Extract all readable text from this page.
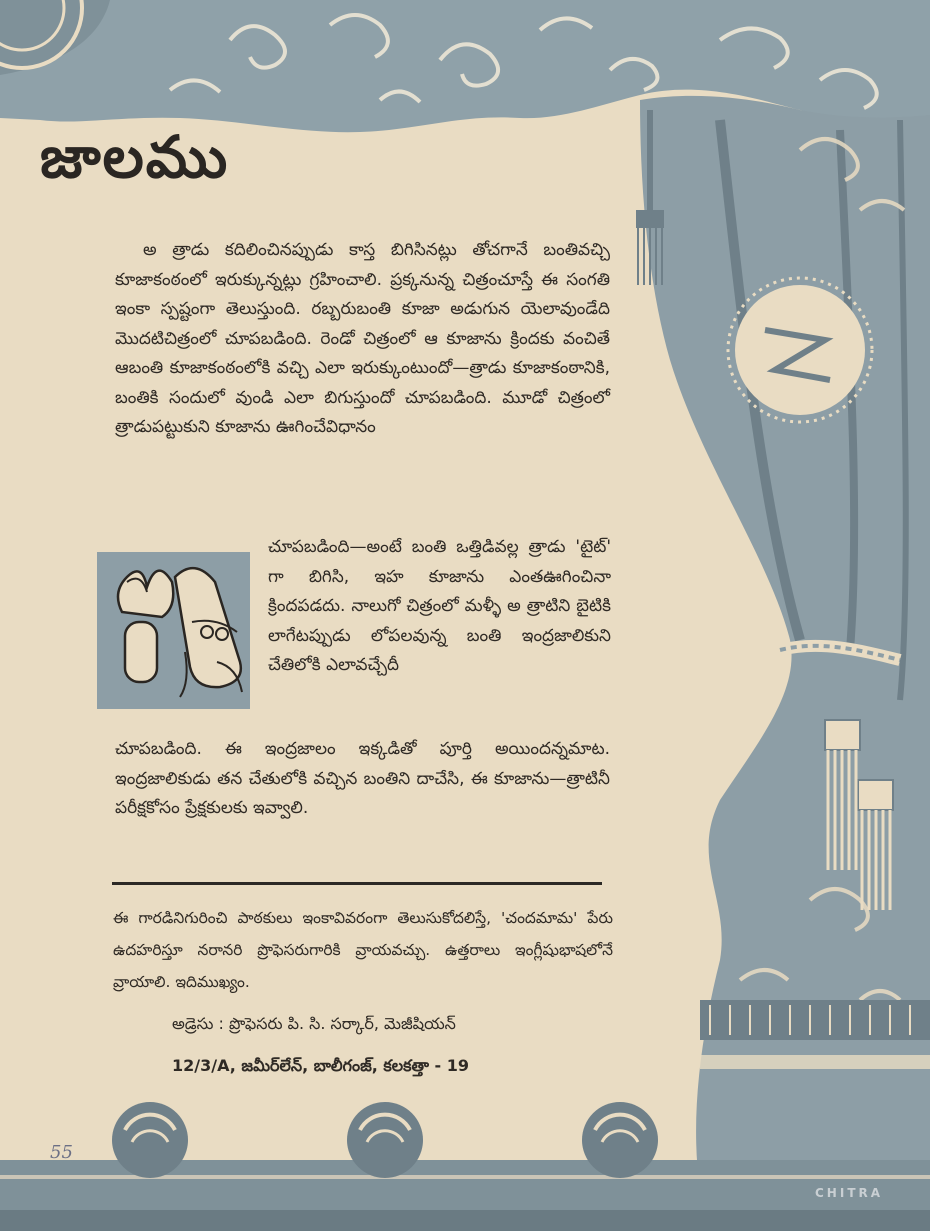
జాలము

అ త్రాడు కదిలించినప్పుడు కాస్త బిగిసినట్లు తోచగానే బంతివచ్చి కూజాకంఠంలో ఇరుక్కున్నట్లు గ్రహించాలి. ప్రక్కనున్న చిత్రంచూస్తే ఈ సంగతి ఇంకా స్పష్టంగా తెలుస్తుంది. రబ్బరుబంతి కూజా అడుగున యెలావుండేది మొదటిచిత్రంలో చూపబడింది. రెండో చిత్రంలో ఆ కూజాను క్రిందకు వంచితే ఆబంతి కూజాకంఠంలోకి వచ్చి ఎలా ఇరుక్కుంటుందో—త్రాడు కూజాకంఠానికి, బంతికి సందులో వుండి ఎలా బిగుస్తుందో చూపబడింది. మూడో చిత్రంలో త్రాడుపట్టుకుని కూజాను ఊగించేవిధానం

చూపబడింది—అంటే బంతి ఒత్తిడివల్ల త్రాడు 'టైట్' గా బిగిసి, ఇహ కూజాను ఎంతఊగించినా క్రిందపడదు. నాలుగో చిత్రంలో మళ్ళీ అ త్రాటిని బైటికి లాగేటప్పుడు లోపలవున్న బంతి ఇంద్రజాలికుని చేతిలోకి ఎలావచ్చేదీ

చూపబడింది. ఈ ఇంద్రజాలం ఇక్కడితో పూర్తి అయిందన్నమాట. ఇంద్రజాలికుడు తన చేతులోకి వచ్చిన బంతిని దాచేసి, ఈ కూజాను—త్రాటినీ పరీక్షకోసం ప్రేక్షకులకు ఇవ్వాలి.

ఈ గారడినిగురించి పాఠకులు ఇంకావివరంగా తెలుసుకోదలిస్తే, 'చందమామ' పేరు ఉదహరిస్తూ నరానరి ప్రొఫెసరుగారికి వ్రాయవచ్చు. ఉత్తరాలు ఇంగ్లీషుభాషలోనే వ్రాయాలి. ఇదిముఖ్యం.

అడ్రెసు : ప్రొఫెసరు పి. సి. సర్కార్, మెజీషియన్

12/3/A, జమీర్‌లేన్, బాలీగంజ్, కలకత్తా - 19

55
CHITRA
